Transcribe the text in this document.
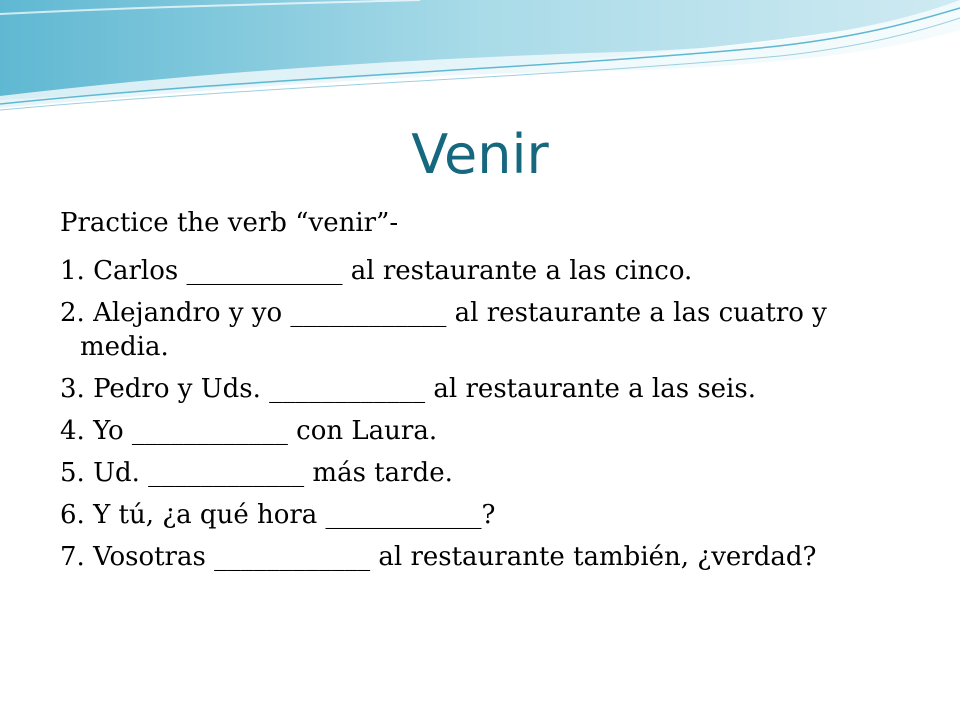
Venir

Practice the verb “venir”-

1. Carlos ____________ al restaurante a las cinco.
2. Alejandro y yo ____________ al restaurante a las cuatro y media.
3. Pedro y Uds. ____________ al restaurante a las seis.
4. Yo ____________ con Laura.
5. Ud. ____________ más tarde.
6. Y tú, ¿a qué hora ____________?
7. Vosotras ____________ al restaurante también, ¿verdad?
